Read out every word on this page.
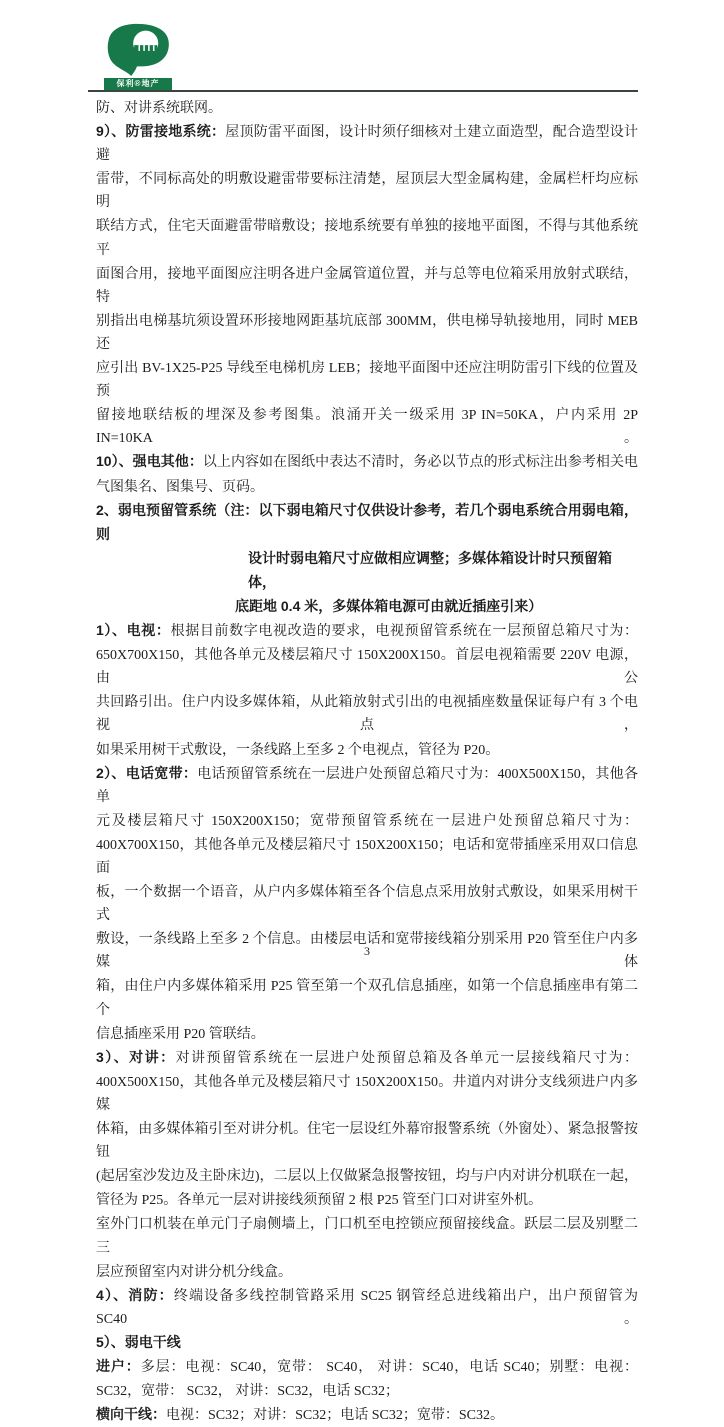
保利®地产
防、对讲系统联网。
9）、防雷接地系统：屋顶防雷平面图，设计时须仔细核对土建立面造型，配合造型设计避
雷带，不同标高处的明敷设避雷带要标注清楚，屋顶层大型金属构建，金属栏杆均应标明
联结方式，住宅天面避雷带暗敷设；接地系统要有单独的接地平面图，不得与其他系统平
面图合用，接地平面图应注明各进户金属管道位置，并与总等电位箱采用放射式联结，特
别指出电梯基坑须设置环形接地网距基坑底部 300MM，供电梯导轨接地用，同时 MEB 还
应引出 BV-1X25-P25 导线至电梯机房 LEB；接地平面图中还应注明防雷引下线的位置及预
留接地联结板的埋深及参考图集。浪涌开关一级采用 3P IN=50KA，户内采用 2P IN=10KA。
10）、强电其他：以上内容如在图纸中表达不清时，务必以节点的形式标注出参考相关电
气图集名、图集号、页码。
2、弱电预留管系统（注：以下弱电箱尺寸仅供设计参考，若几个弱电系统合用弱电箱，则
设计时弱电箱尺寸应做相应调整；多媒体箱设计时只预留箱体，
底距地 0.4 米，多媒体箱电源可由就近插座引来）
1）、电视：根据目前数字电视改造的要求，电视预留管系统在一层预留总箱尺寸为：
650X700X150，其他各单元及楼层箱尺寸 150X200X150。首层电视箱需要 220V 电源，由公
共回路引出。住户内设多媒体箱，从此箱放射式引出的电视插座数量保证每户有 3 个电视点，
如果采用树干式敷设，一条线路上至多 2 个电视点，管径为 P20。
2）、电话宽带：电话预留管系统在一层进户处预留总箱尺寸为：400X500X150，其他各单
元及楼层箱尺寸 150X200X150；宽带预留管系统在一层进户处预留总箱尺寸为：
400X700X150，其他各单元及楼层箱尺寸 150X200X150；电话和宽带插座采用双口信息面
板，一个数据一个语音，从户内多媒体箱至各个信息点采用放射式敷设，如果采用树干式
敷设，一条线路上至多 2 个信息。由楼层电话和宽带接线箱分别采用 P20 管至住户内多媒体
箱，由住户内多媒体箱采用 P25 管至第一个双孔信息插座，如第一个信息插座串有第二个
信息插座采用 P20 管联结。
3）、对讲：对讲预留管系统在一层进户处预留总箱及各单元一层接线箱尺寸为：
400X500X150，其他各单元及楼层箱尺寸 150X200X150。井道内对讲分支线须进户内多媒
体箱，由多媒体箱引至对讲分机。住宅一层设红外幕帘报警系统（外窗处）、紧急报警按钮
(起居室沙发边及主卧床边)，二层以上仅做紧急报警按钮，均与户内对讲分机联在一起，
管径为 P25。各单元一层对讲接线须预留 2 根 P25 管至门口对讲室外机。
室外门口机装在单元门子扇侧墙上，门口机至电控锁应预留接线盒。跃层二层及别墅二三
层应预留室内对讲分机分线盒。
4）、消防：终端设备多线控制管路采用 SC25 钢管经总进线箱出户，出户预留管为 SC40。
5）、弱电干线
进户：多层：电视：SC40，宽带： SC40， 对讲：SC40，电话 SC40；别墅：电视：
SC32，宽带： SC32， 对讲：SC32，电话 SC32；
横向干线：电视：SC32；对讲：SC32；电话 SC32；宽带：SC32。
3
